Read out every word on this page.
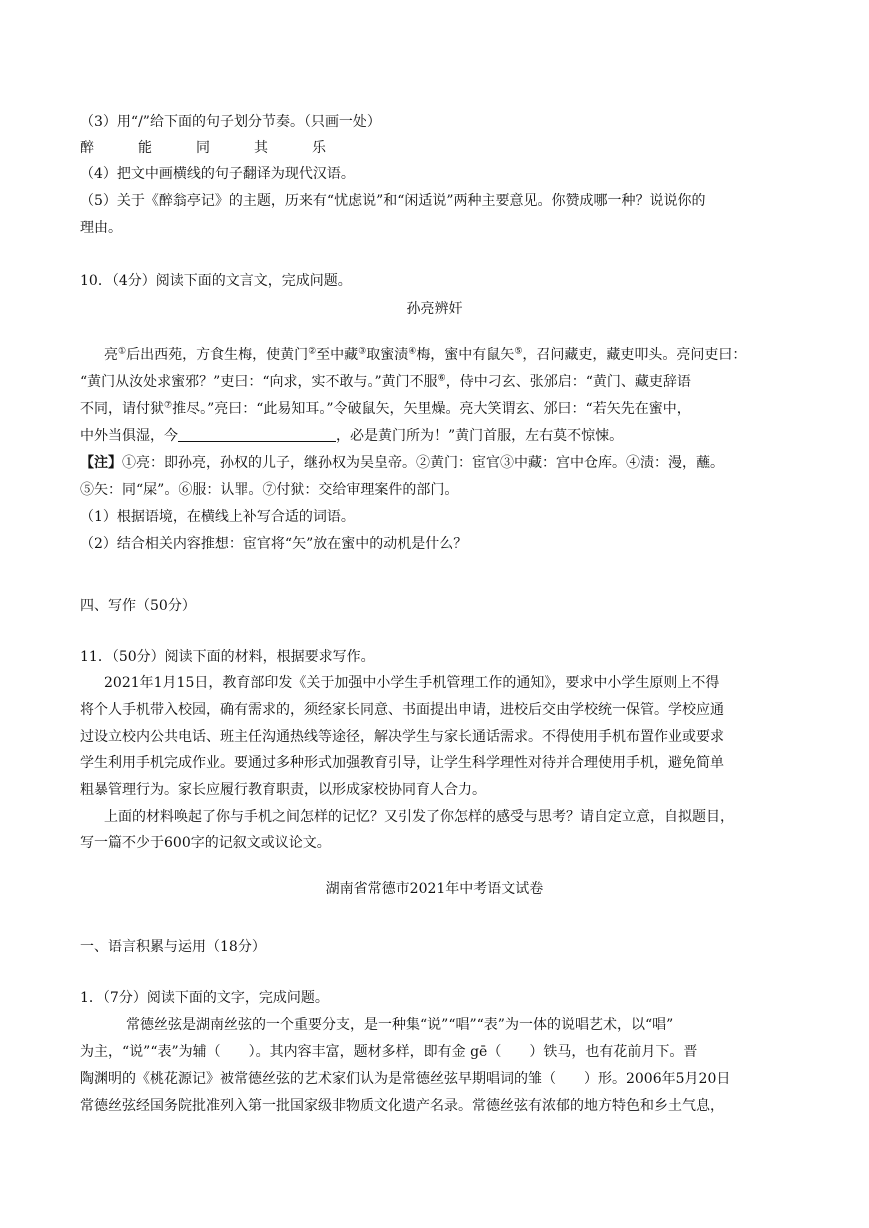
（3）用“/”给下面的句子划分节奏。（只画一处）
醉	能	同	其	乐
（4）把文中画横线的句子翻译为现代汉语。
（5）关于《醉翁亭记》的主题，历来有“忧虑说”和“闲适说”两种主要意见。你赞成哪一种？说说你的
理由。
10．（4分）阅读下面的文言文，完成问题。
孙亮辨奸
亮①后出西苑，方食生梅，使黄门②至中藏③取蜜渍④梅，蜜中有鼠矢⑤，召问藏吏，藏吏叩头。亮问吏曰：
“黄门从汝处求蜜邪？”吏曰：“向求，实不敢与。”黄门不服⑥，侍中刁玄、张邠启：“黄门、藏吏辞语
不同，请付狱⑦推尽。”亮曰：“此易知耳。”令破鼠矢，矢里燥。亮大笑谓玄、邠曰：“若矢先在蜜中，
中外当俱湿，今	，必是黄门所为！”黄门首服，左右莫不惊悚。
【注】①亮：即孙亮，孙权的儿子，继孙权为吴皇帝。②黄门：宦官③中藏：宫中仓库。④渍：漫，蘸。
⑤矢：同“屎”。⑥服：认罪。⑦付狱：交给审理案件的部门。
（1）根据语境，在横线上补写合适的词语。
（2）结合相关内容推想：宦官将“矢”放在蜜中的动机是什么？
四、写作（50分）
11．（50分）阅读下面的材料，根据要求写作。
2021年1月15日，教育部印发《关于加强中小学生手机管理工作的通知》，要求中小学生原则上不得
将个人手机带入校园，确有需求的，须经家长同意、书面提出申请，进校后交由学校统一保管。学校应通
过设立校内公共电话、班主任沟通热线等途径，解决学生与家长通话需求。不得使用手机布置作业或要求
学生利用手机完成作业。要通过多种形式加强教育引导，让学生科学理性对待并合理使用手机，避免简单
粗暴管理行为。家长应履行教育职责，以形成家校协同育人合力。
上面的材料唤起了你与手机之间怎样的记忆？又引发了你怎样的感受与思考？请自定立意，自拟题目，
写一篇不少于600字的记叙文或议论文。
湖南省常德市2021年中考语文试卷
一、语言积累与运用（18分）
1．（7分）阅读下面的文字，完成问题。
常德丝弦是湖南丝弦的一个重要分支，是一种集“说”“唱”“表”为一体的说唱艺术，以“唱”
为主，“说”“表”为辅（　　）。其内容丰富，题材多样，即有金 gē（　　）铁马，也有花前月下。晋
陶渊明的《桃花源记》被常德丝弦的艺术家们认为是常德丝弦早期唱词的雏（　　）形。2006年5月20日
常德丝弦经国务院批准列入第一批国家级非物质文化遗产名录。常德丝弦有浓郁的地方特色和乡土气息，
